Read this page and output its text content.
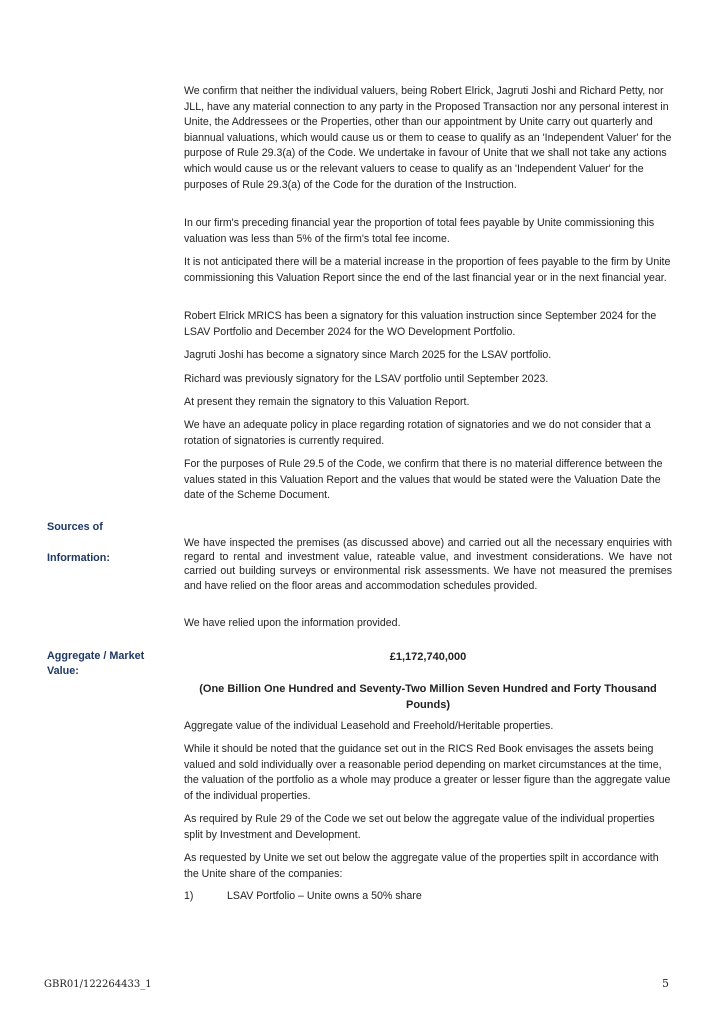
We confirm that neither the individual valuers, being Robert Elrick, Jagruti Joshi and Richard Petty, nor JLL, have any material connection to any party in the Proposed Transaction nor any personal interest in Unite, the Addressees or the Properties, other than our appointment by Unite carry out quarterly and biannual valuations, which would cause us or them to cease to qualify as an 'Independent Valuer' for the purpose of Rule 29.3(a) of the Code. We undertake in favour of Unite that we shall not take any actions which would cause us or the relevant valuers to cease to qualify as an 'Independent Valuer' for the purposes of Rule 29.3(a) of the Code for the duration of the Instruction.

In our firm's preceding financial year the proportion of total fees payable by Unite commissioning this valuation was less than 5% of the firm's total fee income.

It is not anticipated there will be a material increase in the proportion of fees payable to the firm by Unite commissioning this Valuation Report since the end of the last financial year or in the next financial year.

Robert Elrick MRICS has been a signatory for this valuation instruction since September 2024 for the LSAV Portfolio and December 2024 for the WO Development Portfolio.

Jagruti Joshi has become a signatory since March 2025 for the LSAV portfolio.

Richard was previously signatory for the LSAV portfolio until September 2023.

At present they remain the signatory to this Valuation Report.

We have an adequate policy in place regarding rotation of signatories and we do not consider that a rotation of signatories is currently required.

For the purposes of Rule 29.5 of the Code, we confirm that there is no material difference between the values stated in this Valuation Report and the values that would be stated were the Valuation Date the date of the Scheme Document.

Sources of

Information:

We have inspected the premises (as discussed above) and carried out all the necessary enquiries with regard to rental and investment value, rateable value, and investment considerations. We have not carried out building surveys or environmental risk assessments. We have not measured the premises and have relied on the floor areas and accommodation schedules provided.

We have relied upon the information provided.

Aggregate / Market
Value:

£1,172,740,000

(One Billion One Hundred and Seventy-Two Million Seven Hundred and Forty Thousand Pounds)

Aggregate value of the individual Leasehold and Freehold/Heritable properties.

While it should be noted that the guidance set out in the RICS Red Book envisages the assets being valued and sold individually over a reasonable period depending on market circumstances at the time, the valuation of the portfolio as a whole may produce a greater or lesser figure than the aggregate value of the individual properties.

As required by Rule 29 of the Code we set out below the aggregate value of the individual properties split by Investment and Development.

As requested by Unite we set out below the aggregate value of the properties spilt in accordance with the Unite share of the companies:

1)	LSAV Portfolio – Unite owns a 50% share
GBR01/122264433_1	5
